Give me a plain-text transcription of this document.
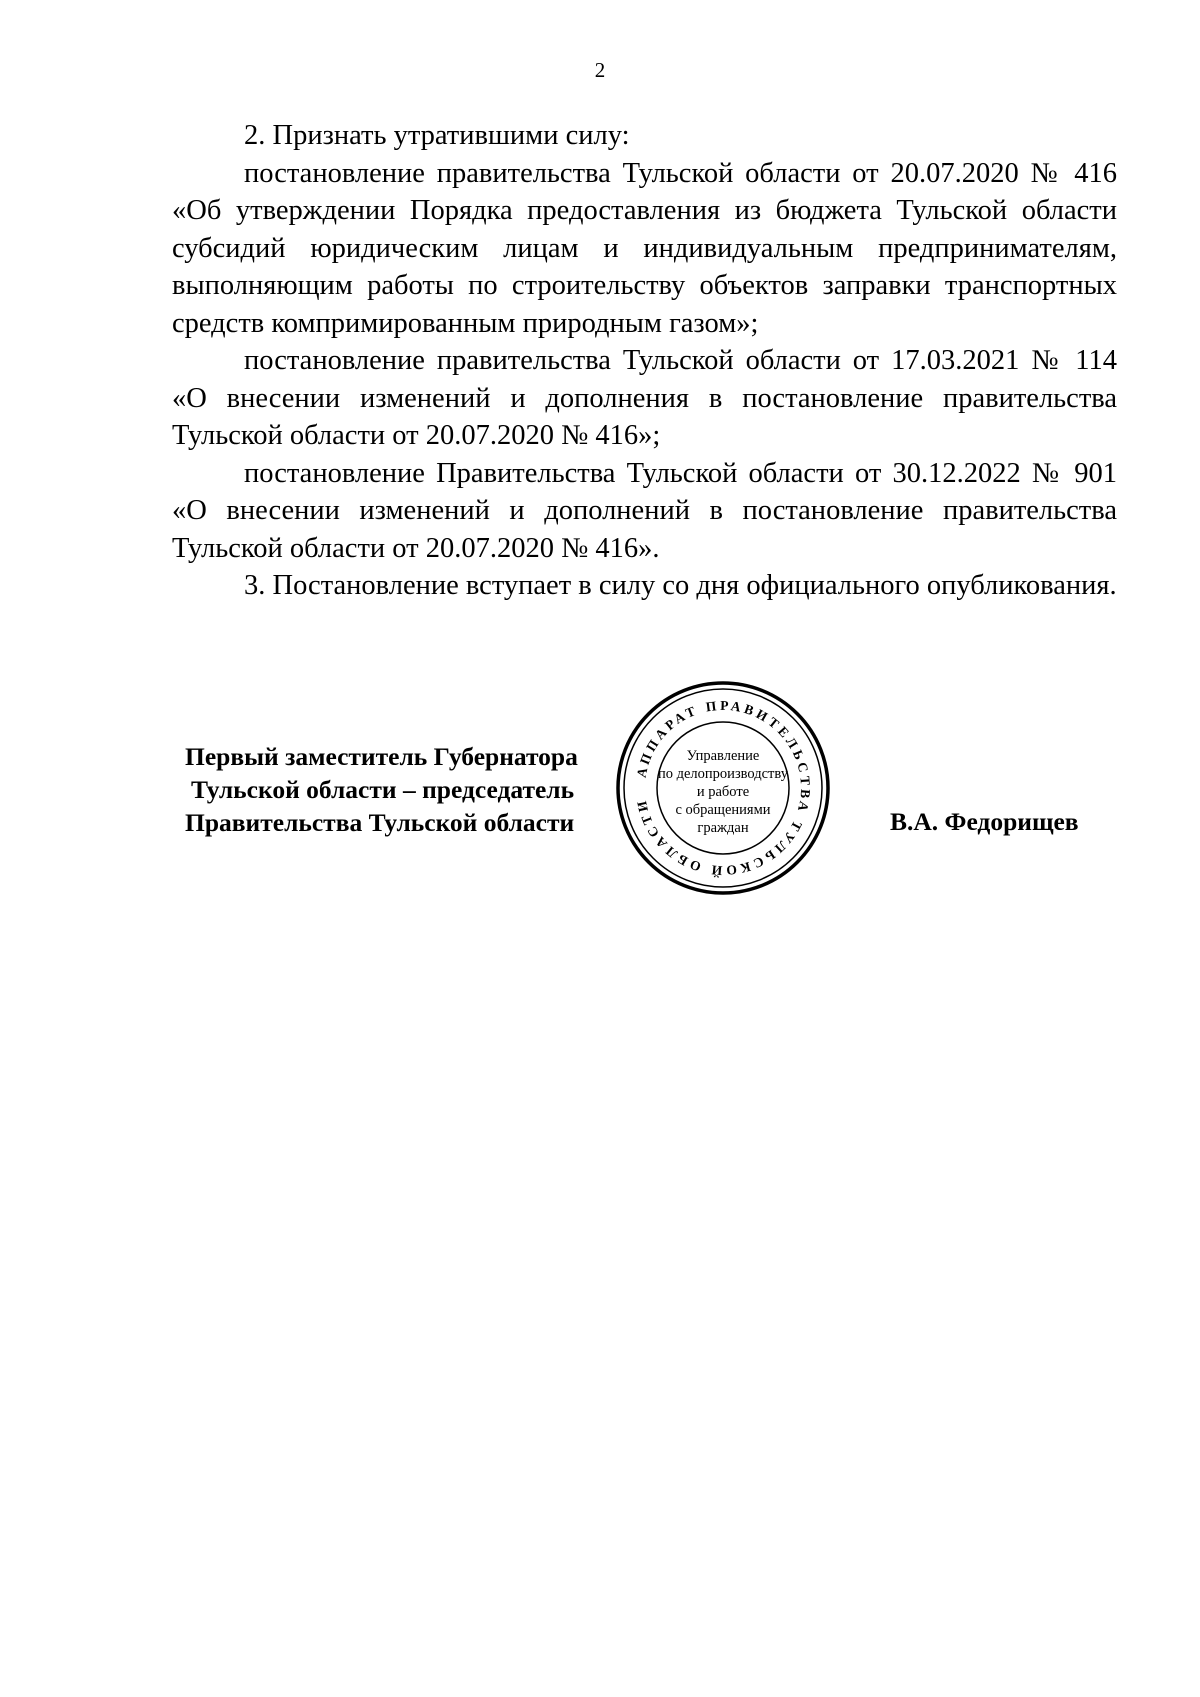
2

2. Признать утратившими силу:

постановление правительства Тульской области от 20.07.2020 № 416 «Об утверждении Порядка предоставления из бюджета Тульской области субсидий юридическим лицам и индивидуальным предпринимателям, выполняющим работы по строительству объектов заправки транспортных средств компримированным природным газом»;

постановление правительства Тульской области от 17.03.2021 № 114 «О внесении изменений и дополнения в постановление правительства Тульской области от 20.07.2020 № 416»;

постановление Правительства Тульской области от 30.12.2022 № 901 «О внесении изменений и дополнений в постановление правительства Тульской области от 20.07.2020 № 416».

3. Постановление вступает в силу со дня официального опубликования.

Первый заместитель Губернатора
Тульской области – председатель
Правительства Тульской области	В.А. Федорищев
АППАРАТ ПРАВИТЕЛЬСТВА ТУЛЬСКОЙ ОБЛАСТИ
Управление
по делопроизводству
и работе
с обращениями
граждан
